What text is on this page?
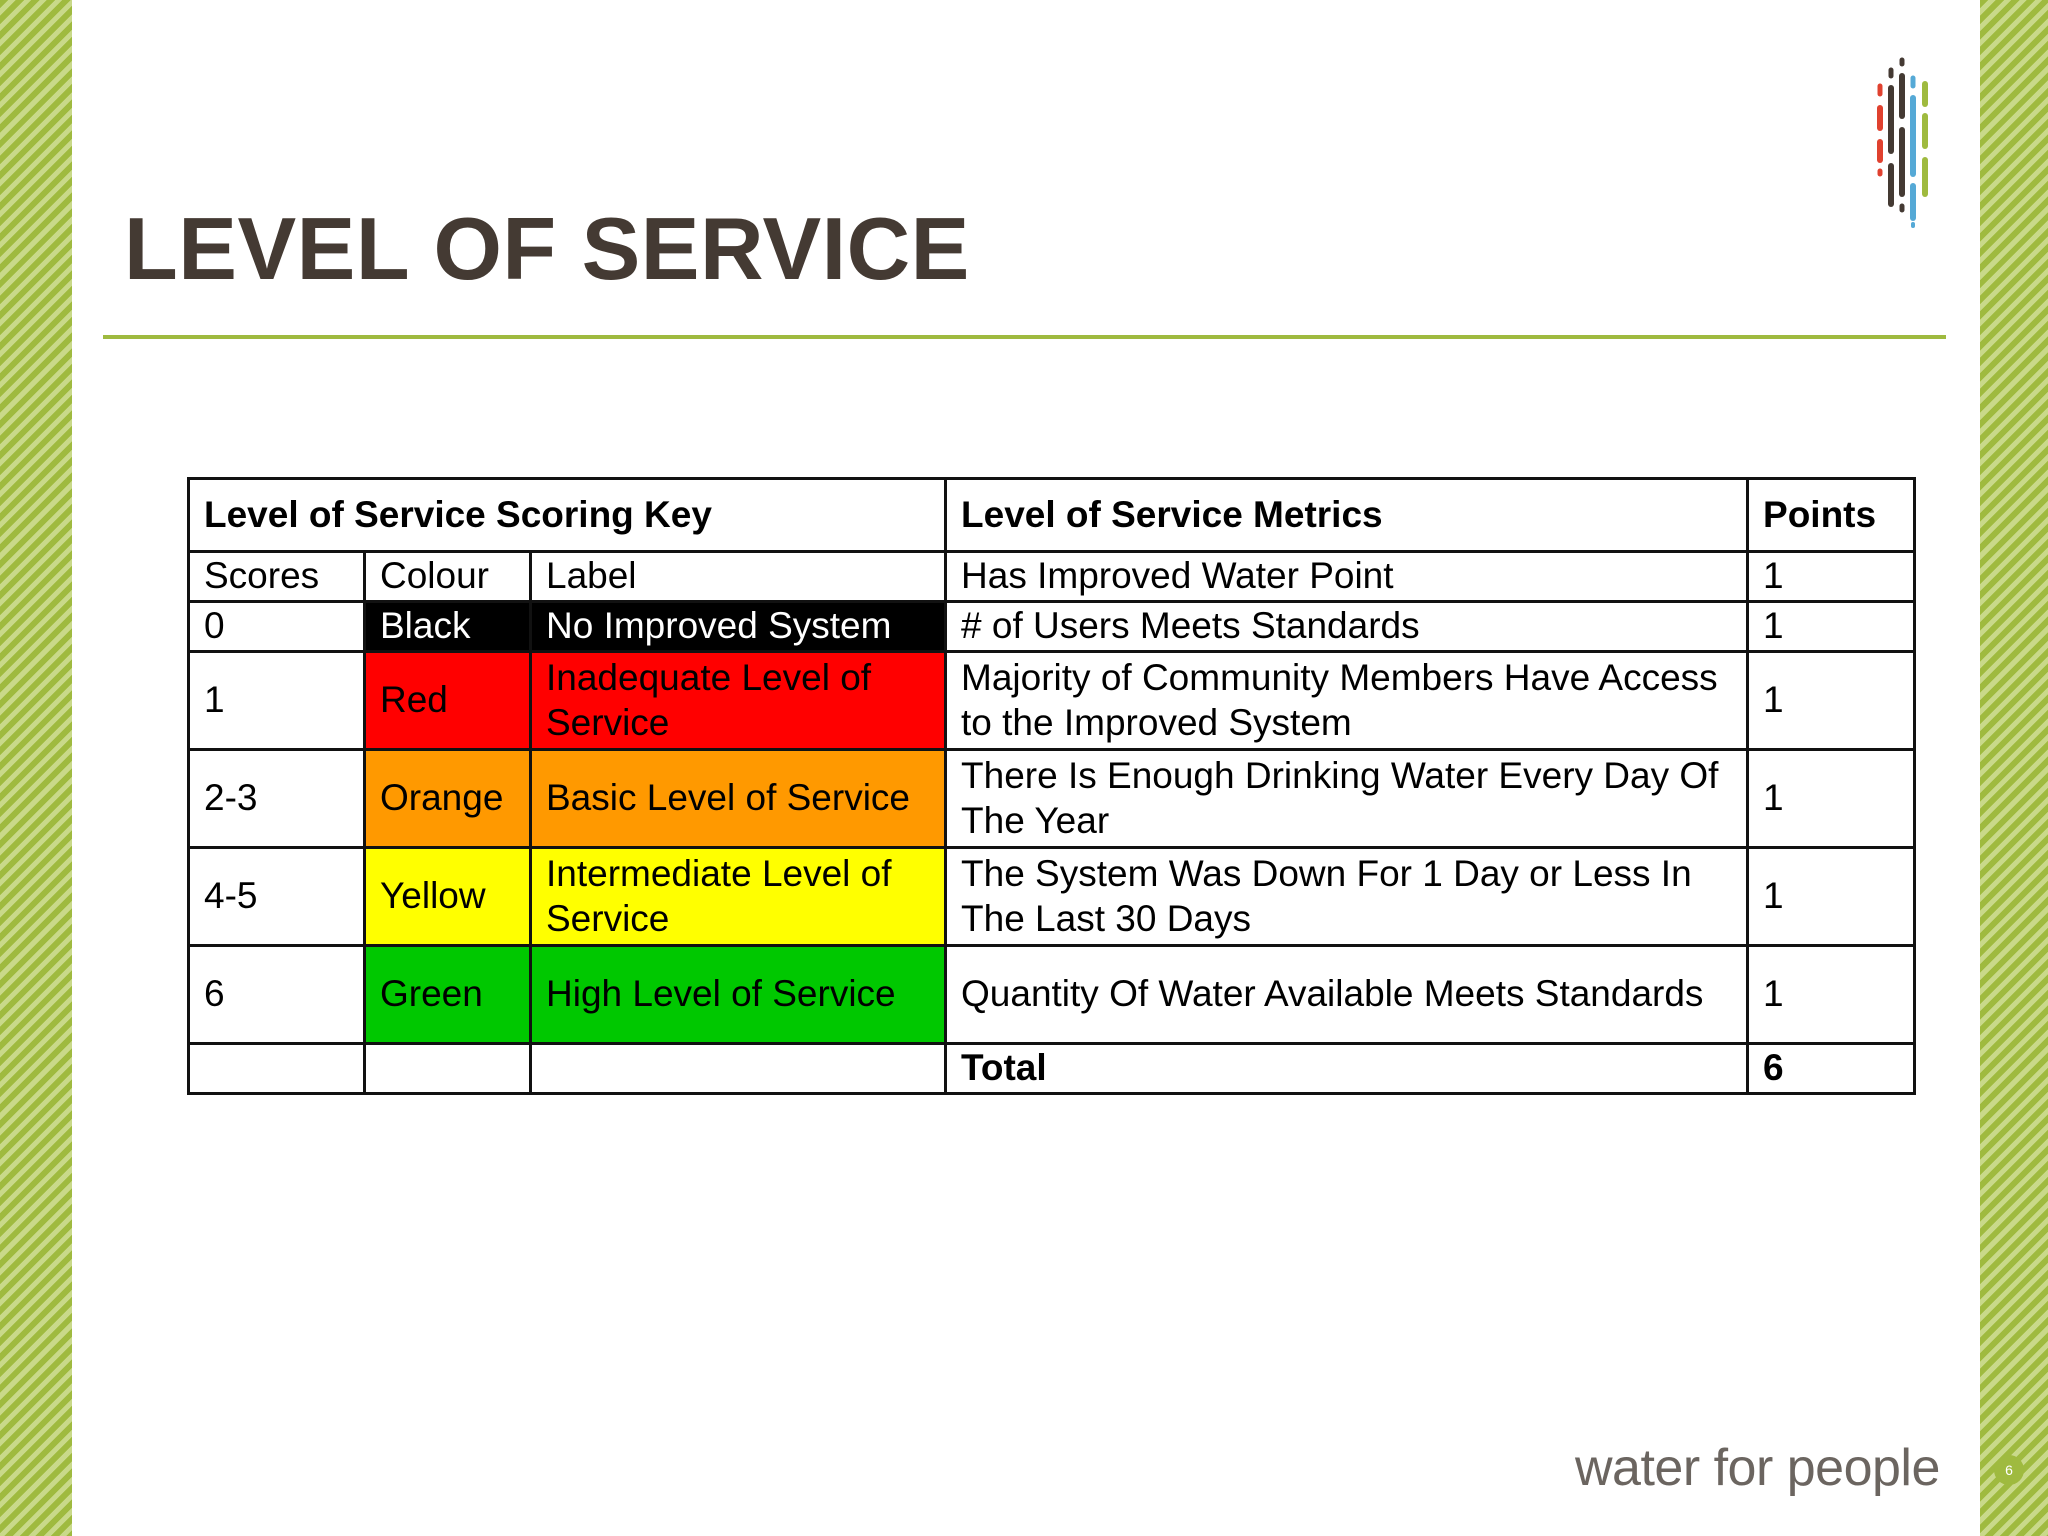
LEVEL OF SERVICE
Level of Service Scoring Key			Level of Service Metrics	Points
Scores	Colour	Label	Has Improved Water Point	1
0	Black	No Improved System	# of Users Meets Standards	1
1	Red	Inadequate Level of Service	Majority of Community Members Have Access to the Improved System	1
2-3	Orange	Basic Level of Service	There Is Enough Drinking Water Every Day Of The Year	1
4-5	Yellow	Intermediate Level of Service	The System Was Down For 1 Day or Less In The Last 30 Days	1
6	Green	High Level of Service	Quantity Of Water Available Meets Standards	1
			Total	6
water for people	6
